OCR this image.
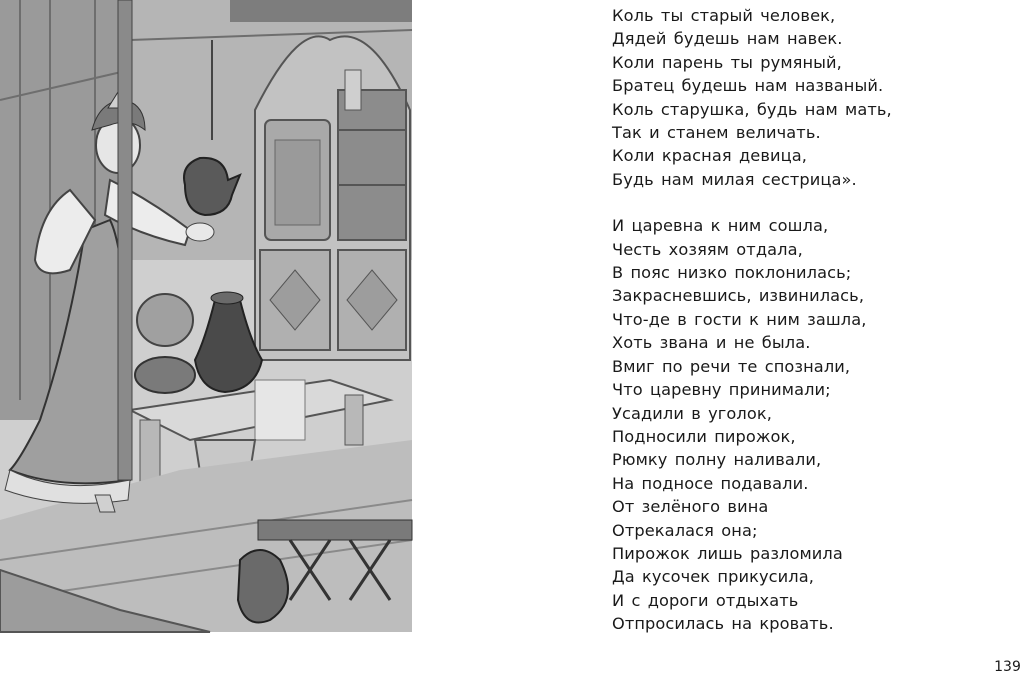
Коль ты старый человек,
Дядей будешь нам навек.
Коли парень ты румяный,
Братец будешь нам названый.
Коль старушка, будь нам мать,
Так и станем величать.
Коли красная девица,
Будь нам милая сестрица».

И царевна к ним сошла,
Честь хозяям отдала,
В пояс низко поклонилась;
Закрасневшись, извинилась,
Что-де в гости к ним зашла,
Хоть звана и не была.
Вмиг по речи те спознали,
Что царевну принимали;
Усадили в уголок,
Подносили пирожок,
Рюмку полну наливали,
На подносе подавали.
От зелёного вина
Отрекалася она;
Пирожок лишь разломила
Да кусочек прикусила,
И с дороги отдыхать
Отпросилась на кровать.

139
